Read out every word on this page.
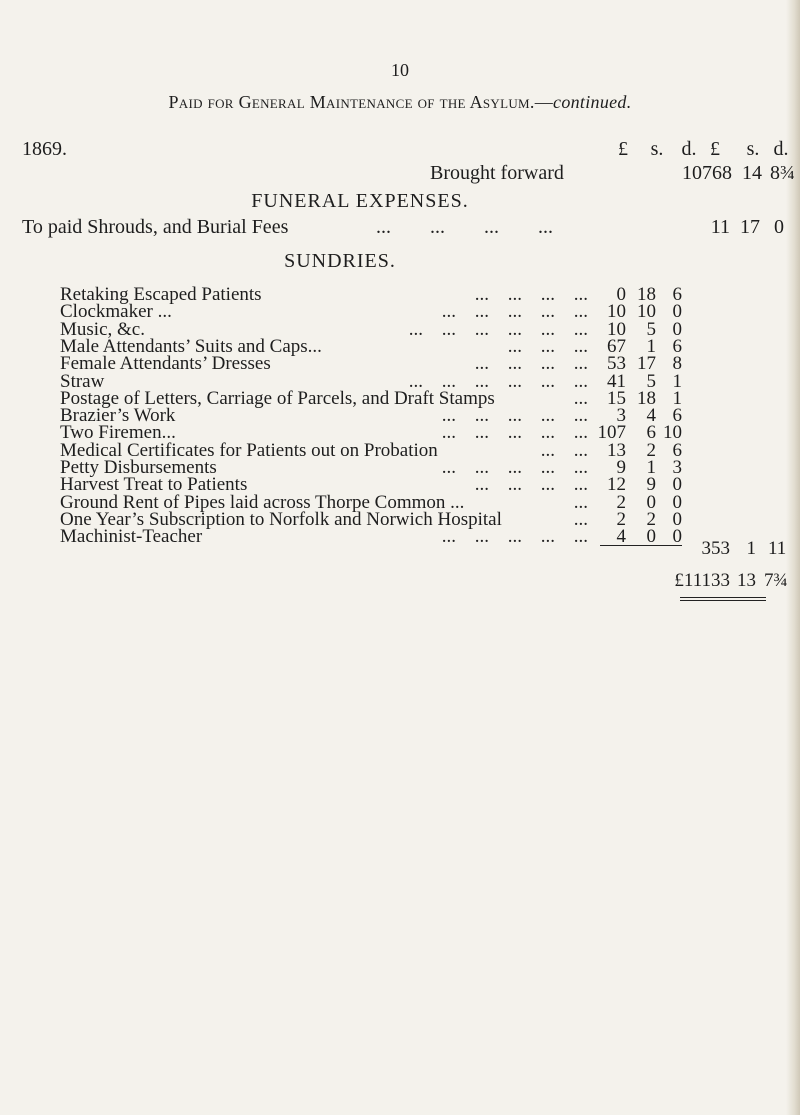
10
Paid for General Maintenance of the Asylum.—continued.
1869.	£	s. d. £	s. d.
Brought forward	10768 14 8¾
FUNERAL EXPENSES.
To paid Shrouds, and Burial Fees	... ... ... ...	11 17 0
SUNDRIES.
Retaking Escaped Patients	... ... ... ...	0 18 6
Clockmaker ...	... ... ... ... ...	10 10 0
Music, &c.	... ... ... ... ... ...	10	5 0
Male Attendants’ Suits and Caps...	... ... ...	67	1 6
Female Attendants’ Dresses	... ... ... ...	53 17 8
Straw	... ... ... ... ... ...	41	5 1
Postage of Letters, Carriage of Parcels, and Draft Stamps	...	15 18 1
Brazier’s Work	... ... ... ... ...	3	4 6
Two Firemen...	... ... ... ... ... 107	6 10
Medical Certificates for Patients out on Probation	... ...	13	2 6
Petty Disbursements	... ... ... ... ...	9	1 3
Harvest Treat to Patients	... ... ... ...	12	9 0
Ground Rent of Pipes laid across Thorpe Common ...	...	2	0 0
One Year’s Subscription to Norfolk and Norwich Hospital	...	2	2 0
Machinist-Teacher	... ... ... ... ...	4	0 0
353 1 11
£11133 13 7¾
